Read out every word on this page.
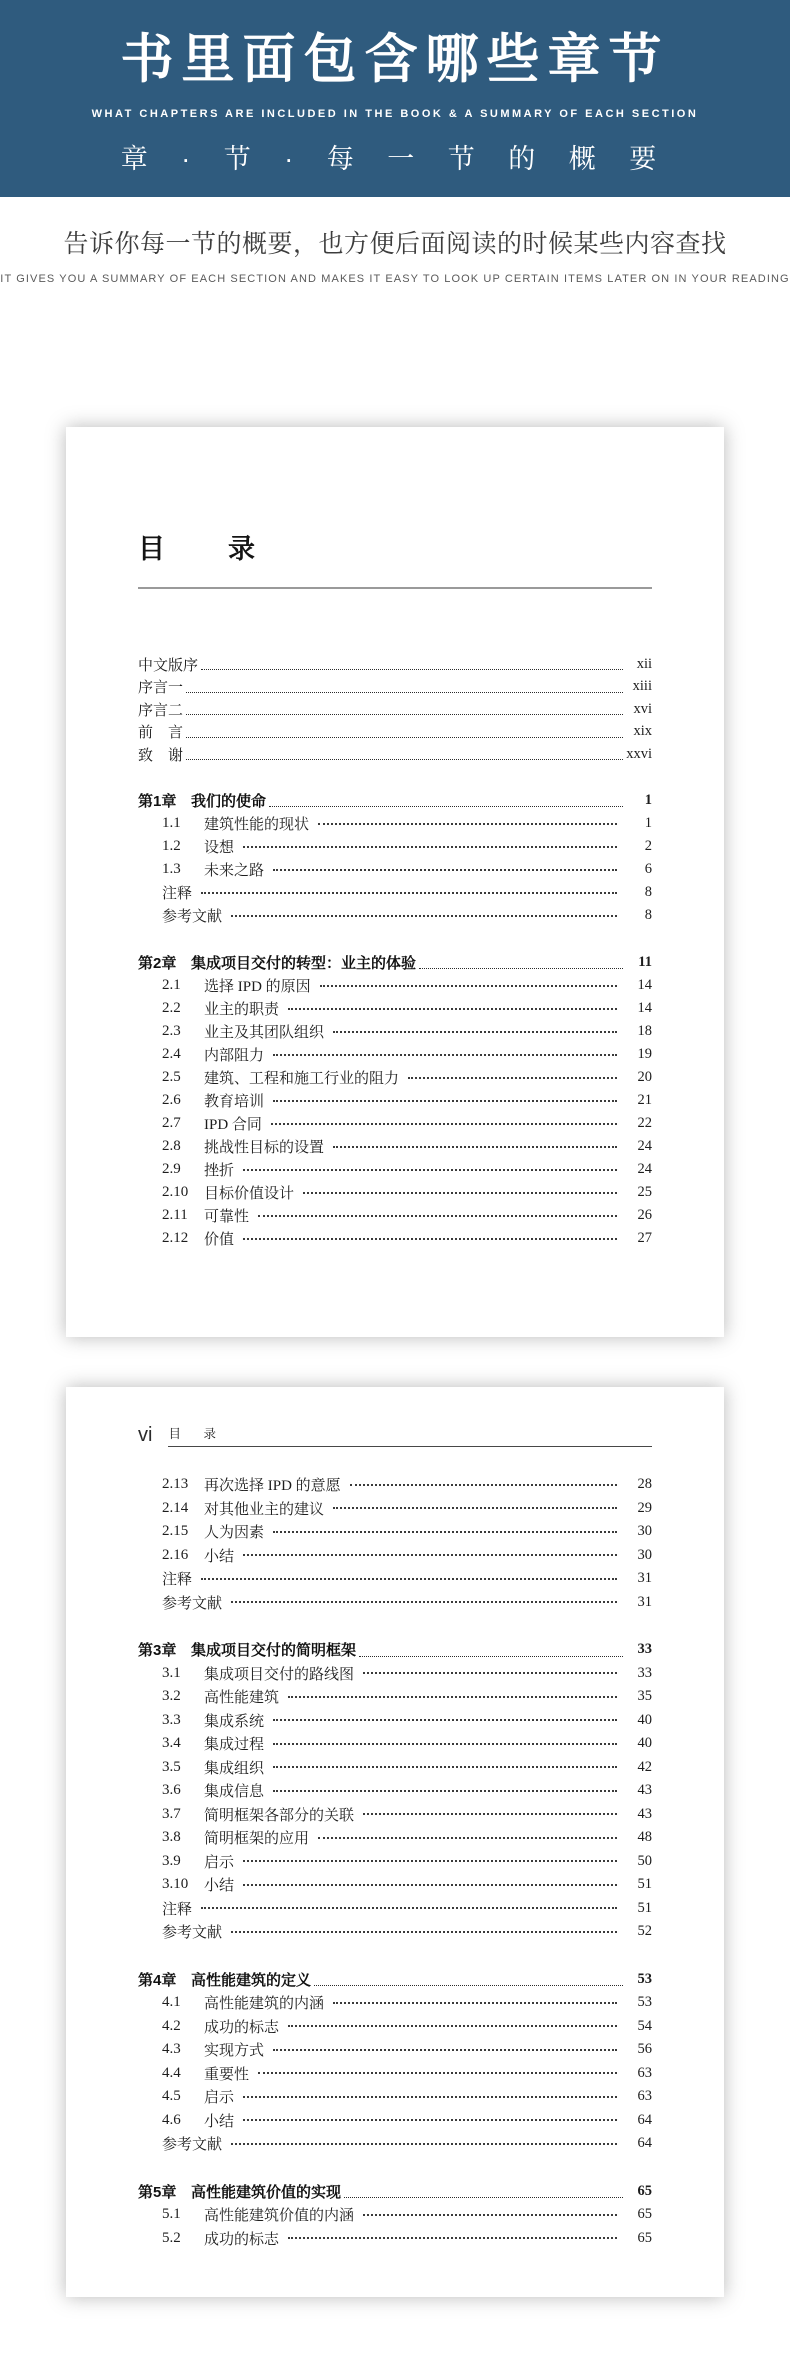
书里面包含哪些章节
WHAT CHAPTERS ARE INCLUDED IN THE BOOK & A SUMMARY OF EACH SECTION
章 · 节 · 每 一 节 的 概 要
告诉你每一节的概要，也方便后面阅读的时候某些内容查找
IT GIVES YOU A SUMMARY OF EACH SECTION AND MAKES IT EASY TO LOOK UP CERTAIN ITEMS LATER ON IN YOUR READING
目　录
中文版序	xii
序言一	xiii
序言二	xvi
前　言	xix
致　谢	xxvi
第1章 我们的使命	1
1.1	建筑性能的现状	1
1.2	设想	2
1.3	未来之路	6
注释	8
参考文献	8
第2章 集成项目交付的转型：业主的体验	11
2.1	选择 IPD 的原因	14
2.2	业主的职责	14
2.3	业主及其团队组织	18
2.4	内部阻力	19
2.5	建筑、工程和施工行业的阻力	20
2.6	教育培训	21
2.7	IPD 合同	22
2.8	挑战性目标的设置	24
2.9	挫折	24
2.10	目标价值设计	25
2.11	可靠性	26
2.12	价值	27
vi 目　录
2.13	再次选择 IPD 的意愿	28
2.14	对其他业主的建议	29
2.15	人为因素	30
2.16	小结	30
注释	31
参考文献	31
第3章 集成项目交付的简明框架	33
3.1	集成项目交付的路线图	33
3.2	高性能建筑	35
3.3	集成系统	40
3.4	集成过程	40
3.5	集成组织	42
3.6	集成信息	43
3.7	简明框架各部分的关联	43
3.8	简明框架的应用	48
3.9	启示	50
3.10	小结	51
注释	51
参考文献	52
第4章 高性能建筑的定义	53
4.1	高性能建筑的内涵	53
4.2	成功的标志	54
4.3	实现方式	56
4.4	重要性	63
4.5	启示	63
4.6	小结	64
参考文献	64
第5章 高性能建筑价值的实现	65
5.1	高性能建筑价值的内涵	65
5.2	成功的标志	65
